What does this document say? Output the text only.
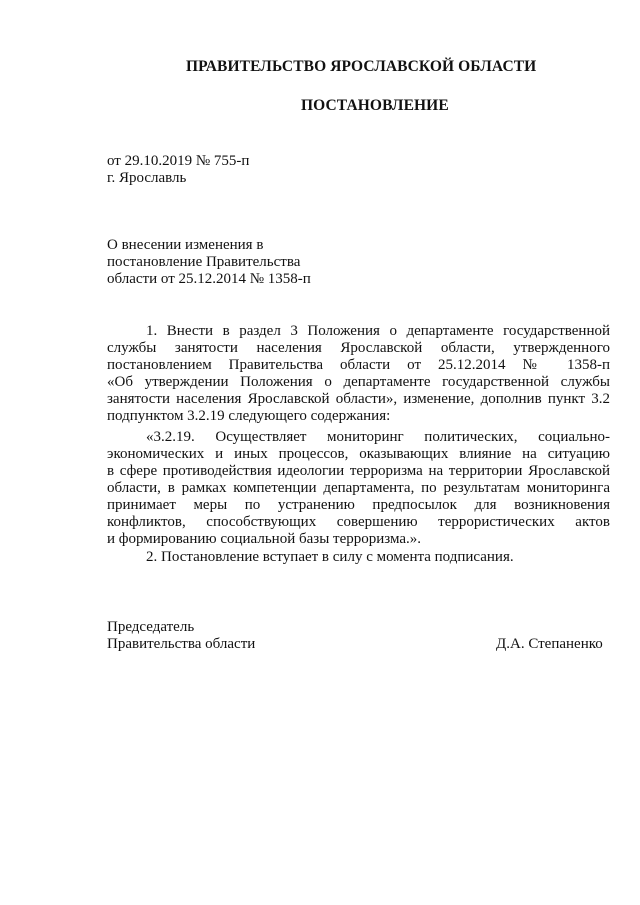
ПРАВИТЕЛЬСТВО ЯРОСЛАВСКОЙ ОБЛАСТИ
ПОСТАНОВЛЕНИЕ
от 29.10.2019 № 755-п
г. Ярославль
О внесении изменения в
постановление Правительства
области от 25.12.2014 № 1358-п
1. Внести в раздел 3 Положения о департаменте государственной
службы занятости населения Ярославской области, утвержденного
постановлением Правительства области от 25.12.2014 № 1358-п
«Об утверждении Положения о департаменте государственной службы
занятости населения Ярославской области», изменение, дополнив пункт 3.2
подпунктом 3.2.19 следующего содержания:
«3.2.19. Осуществляет мониторинг политических, социально-
экономических и иных процессов, оказывающих влияние на ситуацию
в сфере противодействия идеологии терроризма на территории Ярославской
области, в рамках компетенции департамента, по результатам мониторинга
принимает меры по устранению предпосылок для возникновения
конфликтов, способствующих совершению террористических актов
и формированию социальной базы терроризма.».
2. Постановление вступает в силу с момента подписания.
Председатель
Правительства области	Д.А. Степаненко
